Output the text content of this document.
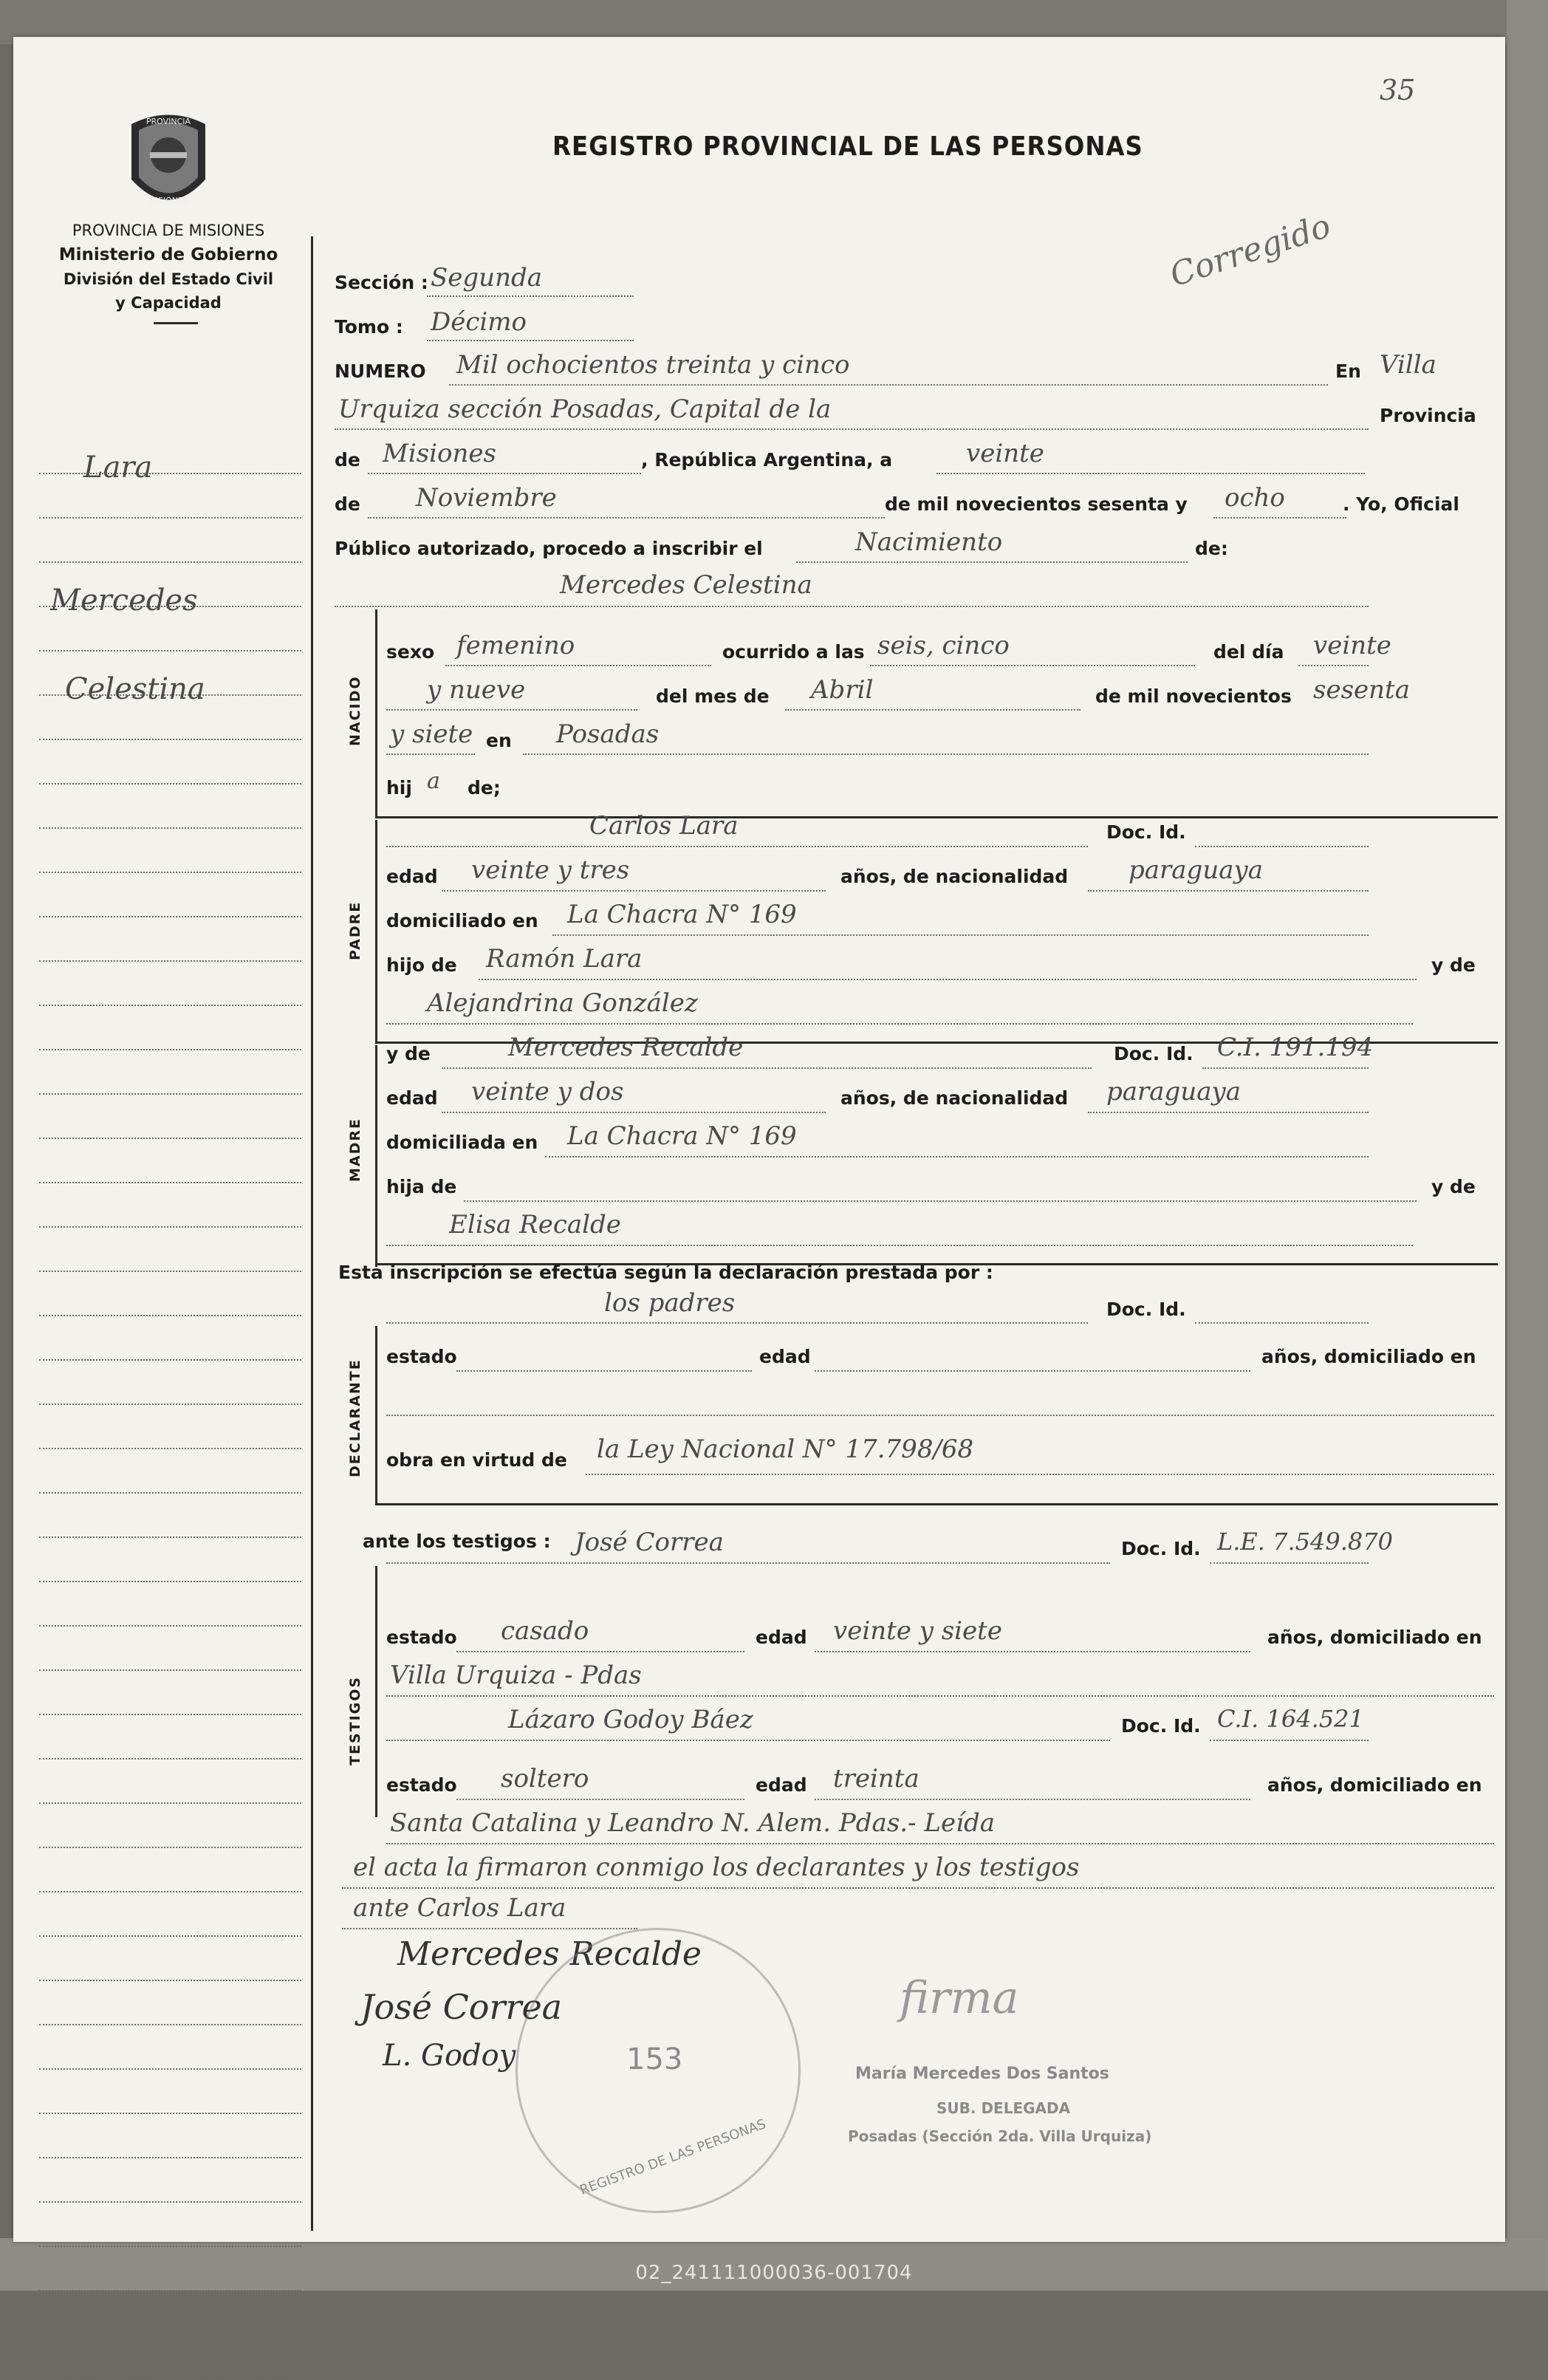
35
PROVINCIA
MISIONES
PROVINCIA DE MISIONES
Ministerio de Gobierno
División del Estado Civil
y Capacidad
REGISTRO PROVINCIAL DE LAS PERSONAS
Corregido
Lara
Mercedes
Celestina
Sección : Segunda
Tomo : Décimo
NUMERO Mil ochocientos treinta y cinco	En Villa
Urquiza sección Posadas, Capital de la	Provincia
de Misiones	, República Argentina, a	veinte
de Noviembre	de mil novecientos sesenta y ocho	. Yo, Oficial
Público autorizado, procedo a inscribir el	Nacimiento	de:
Mercedes Celestina
NACIDO
sexo femenino	ocurrido a las seis, cinco	del día veinte
y nueve	del mes de Abril	de mil novecientos sesenta
y siete en Posadas
hij a de;
PADRE
Carlos Lara	Doc. Id.
edad veinte y tres	años, de nacionalidad paraguaya
domiciliado en La Chacra N° 169
hijo de Ramón Lara	y de
Alejandrina González
MADRE
y de	Mercedes Recalde	Doc. Id. C.I. 191.194
edad veinte y dos	años, de nacionalidad paraguaya
domiciliada en La Chacra N° 169
hija de	y de
Elisa Recalde
Esta inscripción se efectúa según la declaración prestada por :
DECLARANTE
los padres	Doc. Id.
estado	edad	años, domiciliado en
obra en virtud de la Ley Nacional N° 17.798/68
ante los testigos :
TESTIGOS
José Correa	Doc. Id. L.E. 7.549.870
estado casado	edad veinte y siete	años, domiciliado en
Villa Urquiza - Pdas
Lázaro Godoy Báez	Doc. Id. C.I. 164.521
estado soltero	edad treinta	años, domiciliado en
Santa Catalina y Leandro N. Alem. Pdas.- Leída
el acta la firmaron conmigo los declarantes y los testigos
ante Carlos Lara
Mercedes Recalde
José Correa
L. Godoy
REGISTRO DE LAS PERSONAS
153
firma
María Mercedes Dos Santos
SUB. DELEGADA
Posadas (Sección 2da. Villa Urquiza)
02_241111000036-001704
